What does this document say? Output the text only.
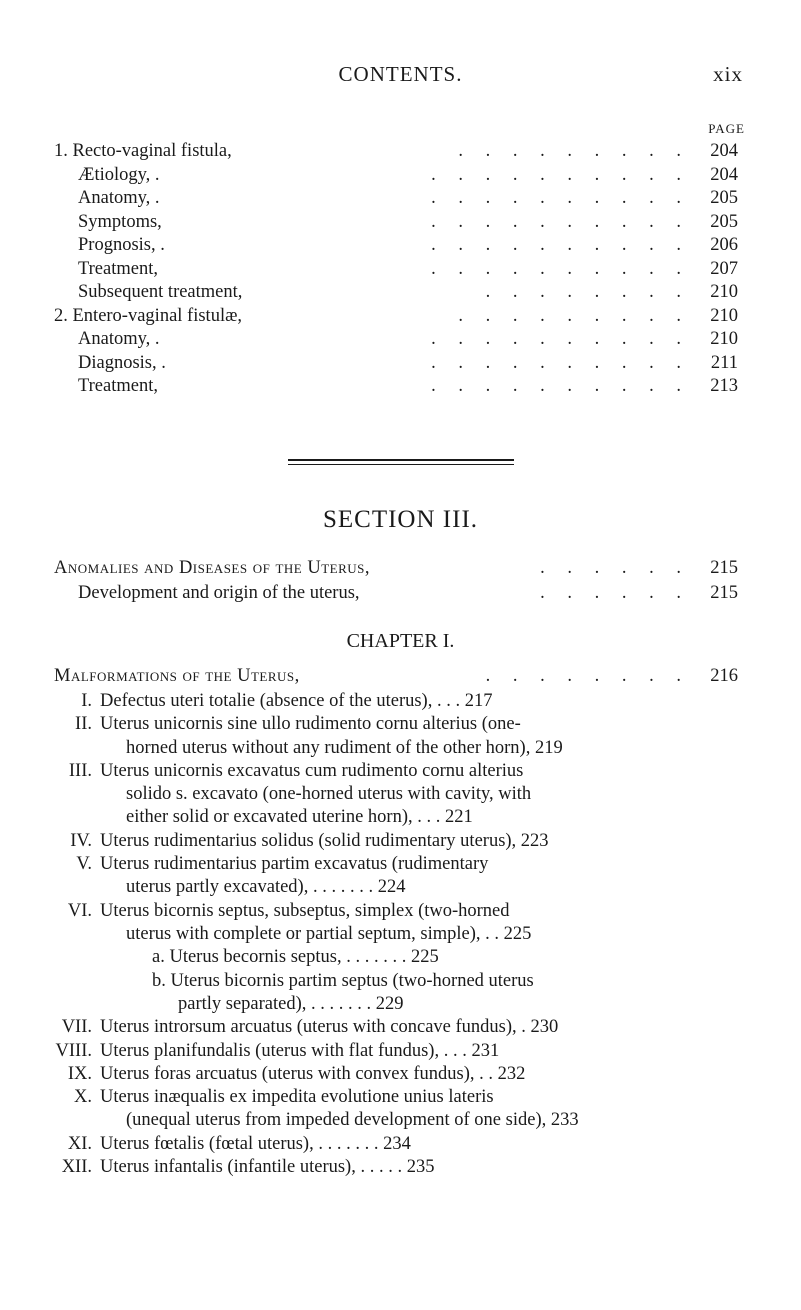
CONTENTS.	xix
PAGE
1. Recto-vaginal fistula,	. . . . . . . . . 204
Ætiology, .	. . . . . . . . . . 204
Anatomy, .	. . . . . . . . . . 205
Symptoms,	. . . . . . . . . . 205
Prognosis, .	. . . . . . . . . . 206
Treatment,	. . . . . . . . . . 207
Subsequent treatment,	. . . . . . . . 210
2. Entero-vaginal fistulæ,	. . . . . . . . . 210
Anatomy, .	. . . . . . . . . . 210
Diagnosis, .	. . . . . . . . . . 211
Treatment,	. . . . . . . . . . 213
SECTION III.
Anomalies and Diseases of the Uterus,	. . . . . . 215
Development and origin of the uterus,	. . . . . . 215
CHAPTER I.
Malformations of the Uterus,	. . . . . . . . 216
I. Defectus uteri totalie (absence of the uterus), . . . 217
II. Uterus unicornis sine ullo rudimento cornu alterius (one-
horned uterus without any rudiment of the other horn), 219
III. Uterus unicornis excavatus cum rudimento cornu alterius
solido s. excavato (one-horned uterus with cavity, with
either solid or excavated uterine horn), . . . 221
IV. Uterus rudimentarius solidus (solid rudimentary uterus), 223
V. Uterus rudimentarius partim excavatus (rudimentary
uterus partly excavated), . . . . . . . 224
VI. Uterus bicornis septus, subseptus, simplex (two-horned
uterus with complete or partial septum, simple), . . 225
a. Uterus becornis septus, . . . . . . . 225
b. Uterus bicornis partim septus (two-horned uterus
partly separated), . . . . . . . 229
VII. Uterus introrsum arcuatus (uterus with concave fundus), . 230
VIII. Uterus planifundalis (uterus with flat fundus), . . . 231
IX. Uterus foras arcuatus (uterus with convex fundus), . . 232
X. Uterus inæqualis ex impedita evolutione unius lateris
(unequal uterus from impeded development of one side), 233
XI. Uterus fœtalis (fœtal uterus), . . . . . . . 234
XII. Uterus infantalis (infantile uterus), . . . . . 235
